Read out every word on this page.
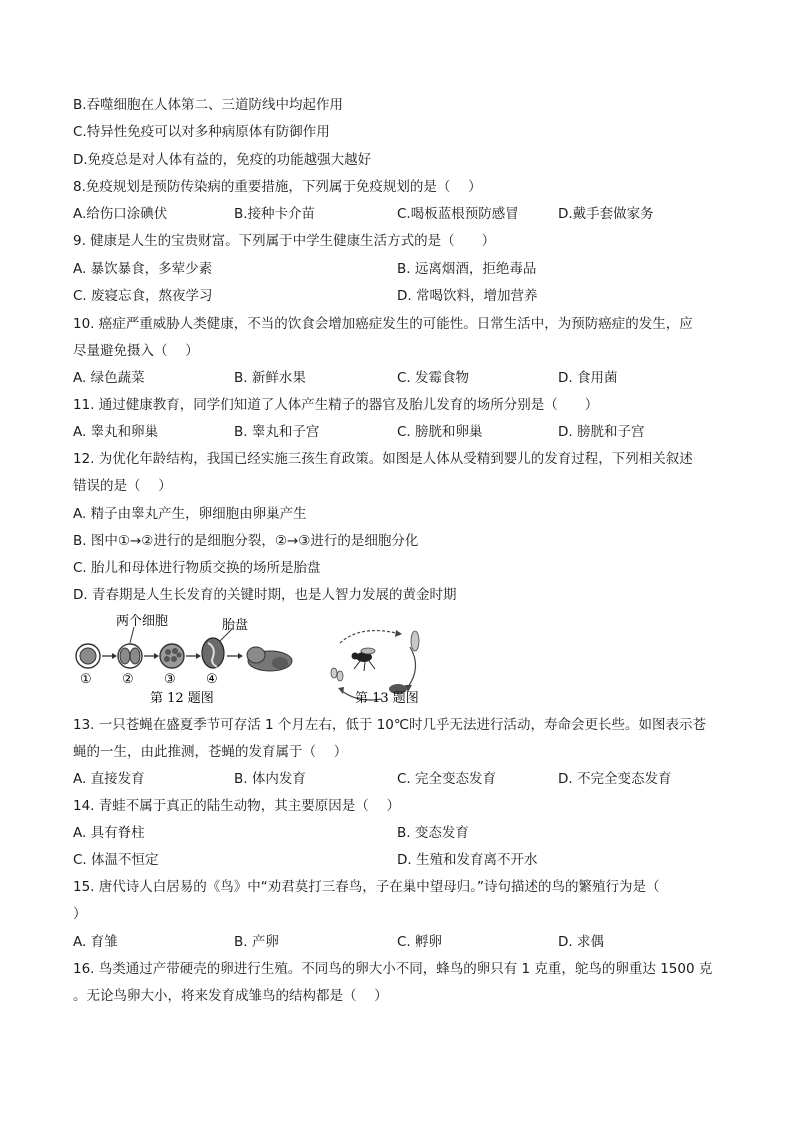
B.吞噬细胞在人体第二、三道防线中均起作用
C.特异性免疫可以对多种病原体有防御作用
D.免疫总是对人体有益的，免疫的功能越强大越好
8.免疫规划是预防传染病的重要措施，下列属于免疫规划的是（　 ）
A.给伤口涂碘伏	B.接种卡介苗	C.喝板蓝根预防感冒	D.戴手套做家务
9. 健康是人生的宝贵财富。下列属于中学生健康生活方式的是（　　）
A. 暴饮暴食，多荤少素	B. 远离烟酒，拒绝毒品
C. 废寝忘食，熬夜学习	D. 常喝饮料，增加营养
10. 癌症严重威胁人类健康，不当的饮食会增加癌症发生的可能性。日常生活中，为预防癌症的发生，应
尽量避免摄入（　 ）
A. 绿色蔬菜	B. 新鲜水果	C. 发霉食物	D. 食用菌
11. 通过健康教育，同学们知道了人体产生精子的器官及胎儿发育的场所分别是（　　）
A. 睾丸和卵巢	B. 睾丸和子宫	C. 膀胱和卵巢	D. 膀胱和子宫
12. 为优化年龄结构，我国已经实施三孩生育政策。如图是人体从受精到婴儿的发育过程，下列相关叙述
错误的是（　 ）
A. 精子由睾丸产生，卵细胞由卵巢产生
B. 图中①→②进行的是细胞分裂，②→③进行的是细胞分化
C. 胎儿和母体进行物质交换的场所是胎盘
D. 青春期是人生长发育的关键时期，也是人智力发展的黄金时期
两个细胞	胎盘
① ② ③ ④
第 12 题图	第 13 题图
13. 一只苍蝇在盛夏季节可存活 1 个月左右，低于 10℃时几乎无法进行活动，寿命会更长些。如图表示苍
蝇的一生，由此推测，苍蝇的发育属于（　 ）
A. 直接发育	B. 体内发育	C. 完全变态发育	D. 不完全变态发育
14. 青蛙不属于真正的陆生动物，其主要原因是（　 ）
A. 具有脊柱	B. 变态发育
C. 体温不恒定	D. 生殖和发育离不开水
15. 唐代诗人白居易的《鸟》中“劝君莫打三春鸟，子在巢中望母归。”诗句描述的鸟的繁殖行为是（
）
A. 育雏	B. 产卵	C. 孵卵	D. 求偶
16. 鸟类通过产带硬壳的卵进行生殖。不同鸟的卵大小不同，蜂鸟的卵只有 1 克重，鸵鸟的卵重达 1500 克
。无论鸟卵大小，将来发育成雏鸟的结构都是（　 ）
